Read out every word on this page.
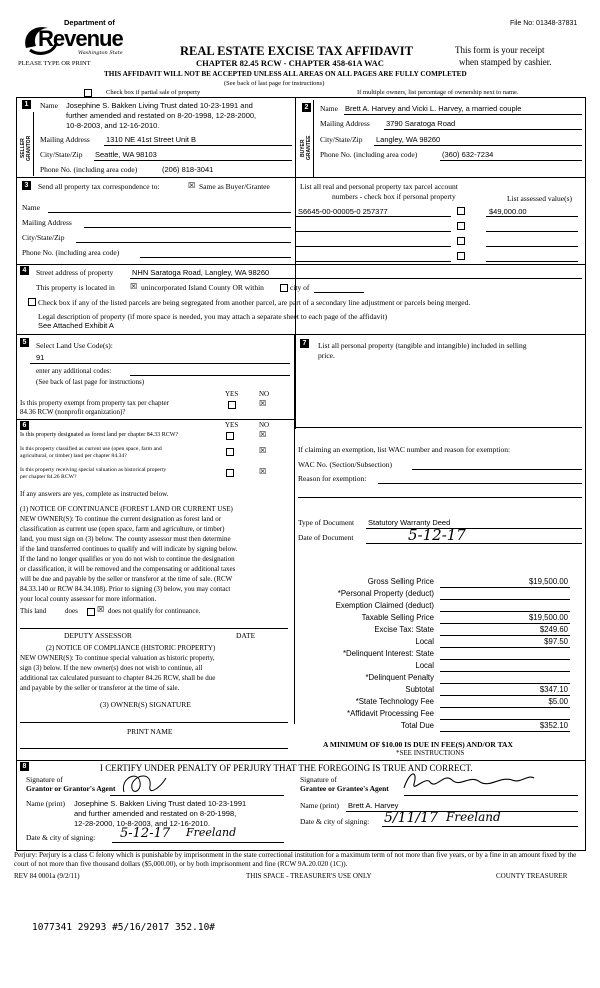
File No: 01348-37831
Department of
Revenue
Washington State
PLEASE TYPE OR PRINT
REAL ESTATE EXCISE TAX AFFIDAVIT
CHAPTER 82.45 RCW - CHAPTER 458-61A WAC
This form is your receipt
when stamped by cashier.
THIS AFFIDAVIT WILL NOT BE ACCEPTED UNLESS ALL AREAS ON ALL PAGES ARE FULLY COMPLETED
(See back of last page for instructions)
Check box if partial sale of property	If multiple owners, list percentage of ownership next to name.
1
SELLER GRANTOR
Name Josephine S. Bakken Living Trust dated 10-23-1991 and
further amended and restated on 8-20-1998, 12-28-2000,
10-8-2003, and 12-16-2010.
Mailing Address 1310 NE 41st Street Unit B
City/State/Zip Seattle, WA 98103
Phone No. (including area code)	(206) 818-3041
2
BUYER GRANTEE
Name Brett A. Harvey and Vicki L. Harvey, a married couple
Mailing Address 3790 Saratoga Road
City/State/Zip Langley, WA 98260
Phone No. (including area code)	(360) 632-7234
3	Send all property tax correspondence to:	☒ Same as Buyer/Grantee
Name
Mailing Address
City/State/Zip
Phone No. (including area code)
List all real and personal property tax parcel account
numbers - check box if personal property	List assessed value(s)
S6645-00-00005-0 257377	$49,000.00
4	Street address of property NHN Saratoga Road, Langley, WA 98260
This property is located in ☒ unincorporated Island County OR within	city of
Check box if any of the listed parcels are being segregated from another parcel, are part of a secondary line adjustment or parcels being merged.
Legal description of property (if more space is needed, you may attach a separate sheet to each page of the affidavit)
See Attached Exhibit A
5	Select Land Use Code(s):
91
enter any additional codes:
(See back of last page for instructions)
YES	NO
Is this property exempt from property tax per chapter
84.36 RCW (nonprofit organization)?
☒
6	YES	NO
Is this property designated as forest land per chapter 84.33 RCW?	☒
Is this property classified as current use (open space, farm and
agricultural, or timber) land per chapter 84.34?
☒
Is this property receiving special valuation as historical property
per chapter 84.26 RCW?
☒
If any answers are yes, complete as instructed below.
(1) NOTICE OF CONTINUANCE (FOREST LAND OR CURRENT USE)
NEW OWNER(S): To continue the current designation as forest land or
classification as current use (open space, farm and agriculture, or timber)
land, you must sign on (3) below. The county assessor must then determine
if the land transferred continues to qualify and will indicate by signing below.
If the land no longer qualifies or you do not wish to continue the designation
or classification, it will be removed and the compensating or additional taxes
will be due and payable by the seller or transferor at the time of sale. (RCW
84.33.140 or RCW 84.34.108). Prior to signing (3) below, you may contact
your local county assessor for more information.
This land	does ☒ does not qualify for continuance.
DEPUTY ASSESSOR	DATE
(2) NOTICE OF COMPLIANCE (HISTORIC PROPERTY)
NEW OWNER(S): To continue special valuation as historic property,
sign (3) below. If the new owner(s) does not wish to continue, all
additional tax calculated pursuant to chapter 84.26 RCW, shall be due
and payable by the seller or transferor at the time of sale.
(3) OWNER(S) SIGNATURE
PRINT NAME
7	List all personal property (tangible and intangible) included in selling
price.
If claiming an exemption, list WAC number and reason for exemption:
WAC No. (Section/Subsection)
Reason for exemption:
Type of Document Statutory Warranty Deed
Date of Document	5-12-17
Gross Selling Price	$19,500.00
*Personal Property (deduct)
Exemption Claimed (deduct)
Taxable Selling Price	$19,500.00
Excise Tax: State	$249.60
Local	$97.50
*Delinquent Interest: State
Local
*Delinquent Penalty
Subtotal	$347.10
*State Technology Fee	$5.00
*Affidavit Processing Fee
Total Due	$352.10
A MINIMUM OF $10.00 IS DUE IN FEE(S) AND/OR TAX
*SEE INSTRUCTIONS
8	I CERTIFY UNDER PENALTY OF PERJURY THAT THE FOREGOING IS TRUE AND CORRECT.
Signature of
Grantor or Grantor's Agent
Name (print) Josephine S. Bakken Living Trust dated 10-23-1991
and further amended and restated on 8-20-1998,
12-28-2000, 10-8-2003, and 12-16-2010.
Date & city of signing: 5-12-17 Freeland
Signature of
Grantee or Grantee's Agent
Name (print) Brett A. Harvey
Date & city of signing: 5/11/17 Freeland
Perjury: Perjury is a class C felony which is punishable by imprisonment in the state correctional institution for a maximum term of not more than five years, or by a fine in an amount fixed by the court of not more than five thousand dollars ($5,000.00), or by both imprisonment and fine (RCW 9A.20.020 (1C)).
REV 84 0001a (9/2/11)	THIS SPACE - TREASURER'S USE ONLY	COUNTY TREASURER
1077341 29293 #5/16/2017 352.10#
